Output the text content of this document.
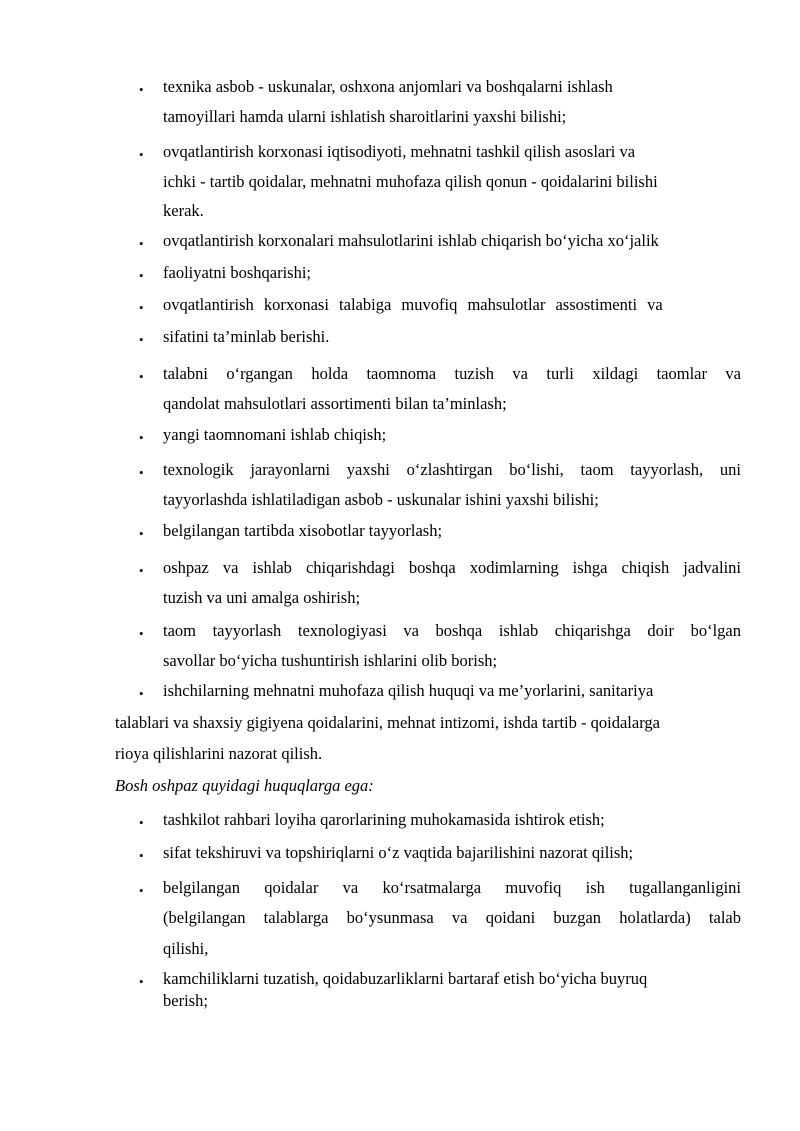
• texnika asbob - uskunalar, oshxona anjomlari va boshqalarni ishlash
tamoyillari hamda ularni ishlatish sharoitlarini yaxshi bilishi;
• ovqatlantirish korxonasi iqtisodiyoti, mehnatni tashkil qilish asoslari va
ichki - tartib qoidalar, mehnatni muhofaza qilish qonun - qoidalarini bilishi
kerak.
• ovqatlantirish korxonalari mahsulotlarini ishlab chiqarish bo‘yicha xo‘jalik
• faoliyatni boshqarishi;
• ovqatlantirish korxonasi talabiga muvofiq mahsulotlar assostimenti va
• sifatini ta’minlab berishi.
• talabni o‘rgangan holda taomnoma tuzish va turli xildagi taomlar va
qandolat mahsulotlari assortimenti bilan ta’minlash;
• yangi taomnomani ishlab chiqish;
• texnologik jarayonlarni yaxshi o‘zlashtirgan bo‘lishi, taom tayyorlash, uni
tayyorlashda ishlatiladigan asbob - uskunalar ishini yaxshi bilishi;
• belgilangan tartibda xisobotlar tayyorlash;
• oshpaz va ishlab chiqarishdagi boshqa xodimlarning ishga chiqish jadvalini
tuzish va uni amalga oshirish;
• taom tayyorlash texnologiyasi va boshqa ishlab chiqarishga doir bo‘lgan
savollar bo‘yicha tushuntirish ishlarini olib borish;
• ishchilarning mehnatni muhofaza qilish huquqi va me’yorlarini, sanitariya
talablari va shaxsiy gigiyena qoidalarini, mehnat intizomi, ishda tartib - qoidalarga
rioya qilishlarini nazorat qilish.
Bosh oshpaz quyidagi huquqlarga ega:
• tashkilot rahbari loyiha qarorlarining muhokamasida ishtirok etish;
• sifat tekshiruvi va topshiriqlarni o‘z vaqtida bajarilishini nazorat qilish;
• belgilangan qoidalar va ko‘rsatmalarga muvofiq ish tugallanganligini
(belgilangan talablarga bo‘ysunmasa va qoidani buzgan holatlarda) talab
qilishi,
• kamchiliklarni tuzatish, qoidabuzarliklarni bartaraf etish bo‘yicha buyruq
berish;
